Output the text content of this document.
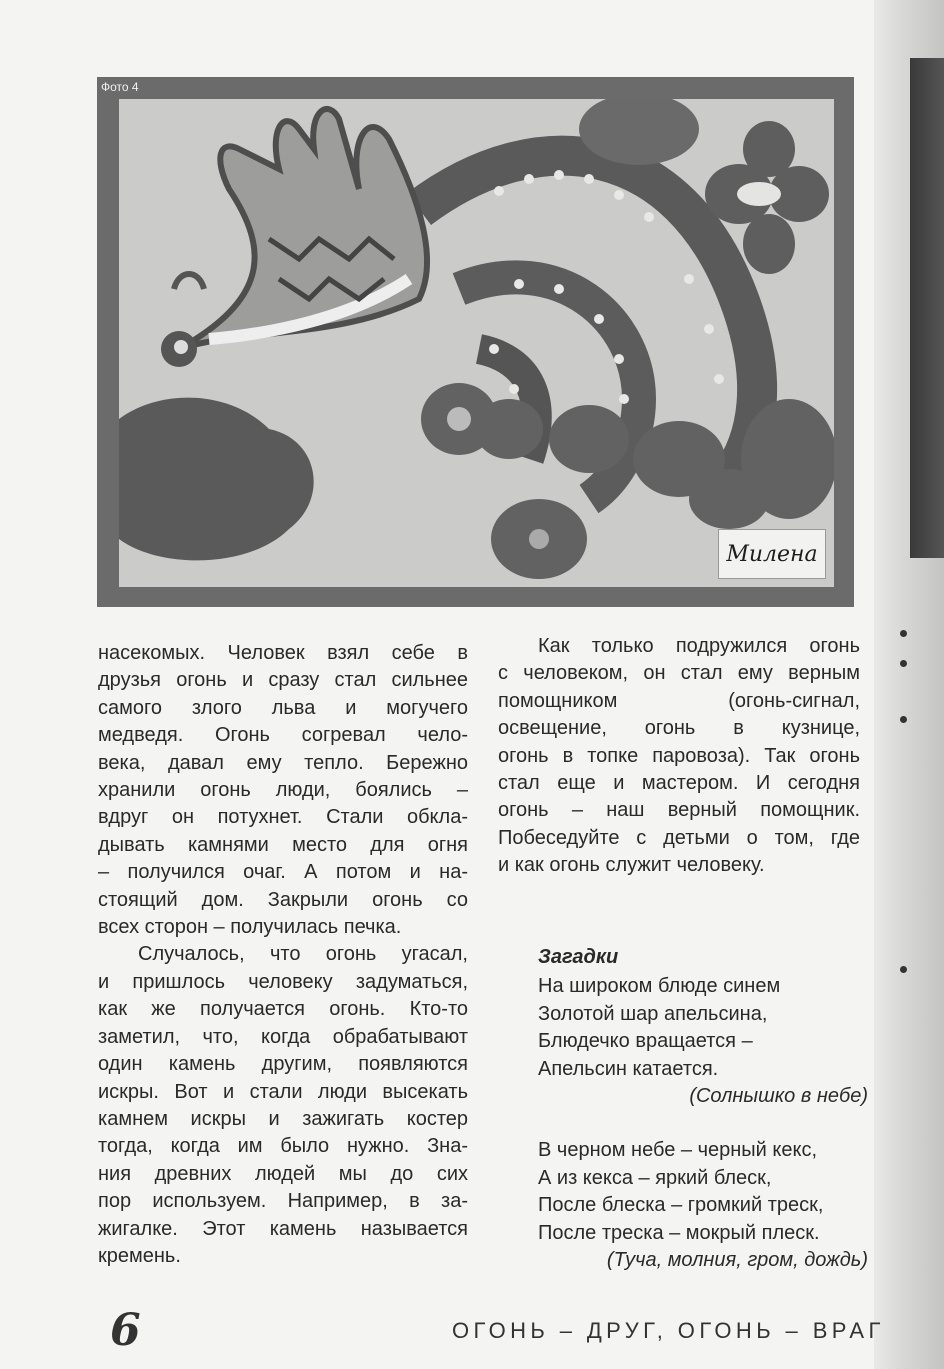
Фото 4
Милена
насекомых. Человек взял себе в
друзья огонь и сразу стал сильнее
самого злого льва и могучего
медведя. Огонь согревал чело-
века, давал ему тепло. Бережно
хранили огонь люди, боялись –
вдруг он потухнет. Стали обкла-
дывать камнями место для огня
– получился очаг. А потом и на-
стоящий дом. Закрыли огонь со
всех сторон – получилась печка.
Случалось, что огонь угасал,
и пришлось человеку задуматься,
как же получается огонь. Кто-то
заметил, что, когда обрабатывают
один камень другим, появляются
искры. Вот и стали люди высекать
камнем искры и зажигать костер
тогда, когда им было нужно. Зна-
ния древних людей мы до сих
пор используем. Например, в за-
жигалке. Этот камень называется
кремень.
Как только подружился огонь
с человеком, он стал ему верным
помощником (огонь-сигнал,
освещение, огонь в кузнице,
огонь в топке паровоза). Так огонь
стал еще и мастером. И сегодня
огонь – наш верный помощник.
Побеседуйте с детьми о том, где
и как огонь служит человеку.
Загадки
На широком блюде синем
Золотой шар апельсина,
Блюдечко вращается –
Апельсин катается.
(Солнышко в небе)
В черном небе – черный кекс,
А из кекса – яркий блеск,
После блеска – громкий треск,
После треска – мокрый плеск.
(Туча, молния, гром, дождь)
6	ОГОНЬ – ДРУГ, ОГОНЬ – ВРАГ
